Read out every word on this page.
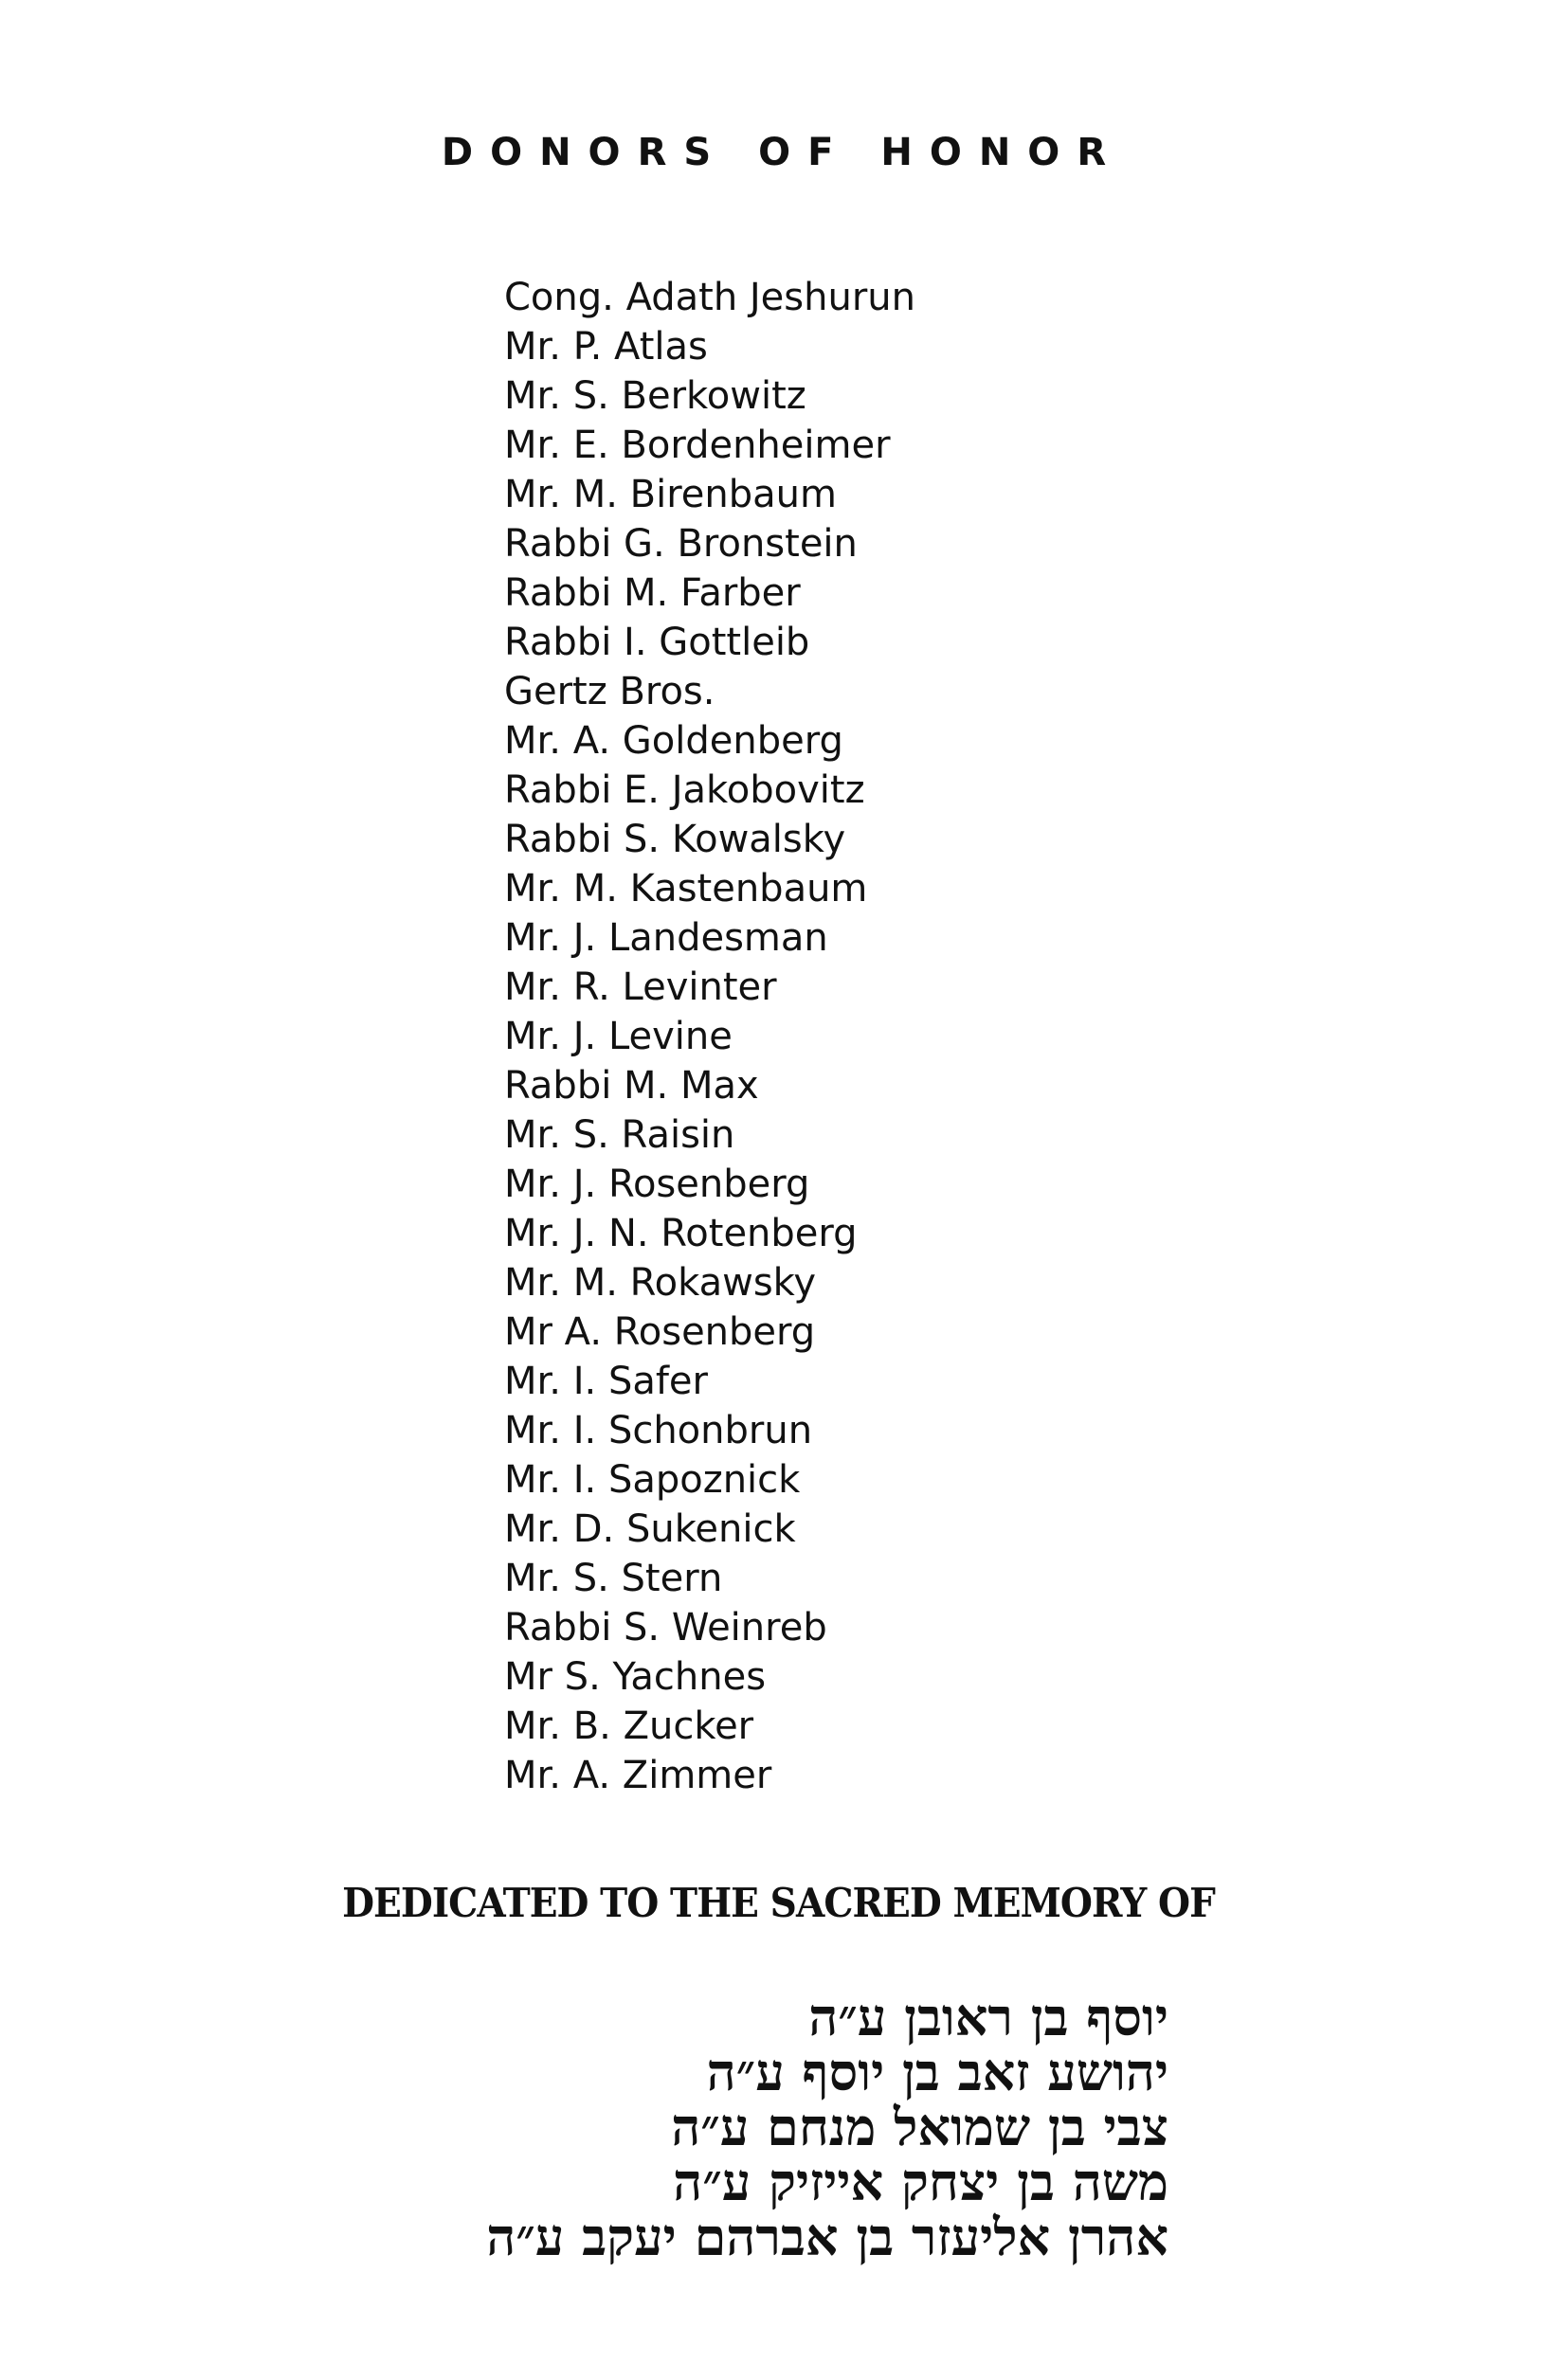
DONORS OF HONOR
Cong. Adath Jeshurun
Mr. P. Atlas
Mr. S. Berkowitz
Mr. E. Bordenheimer
Mr. M. Birenbaum
Rabbi G. Bronstein
Rabbi M. Farber
Rabbi I. Gottleib
Gertz Bros.
Mr. A. Goldenberg
Rabbi E. Jakobovitz
Rabbi S. Kowalsky
Mr. M. Kastenbaum
Mr. J. Landesman
Mr. R. Levinter
Mr. J. Levine
Rabbi M. Max
Mr. S. Raisin
Mr. J. Rosenberg
Mr. J. N. Rotenberg
Mr. M. Rokawsky
Mr A. Rosenberg
Mr. I. Safer
Mr. I. Schonbrun
Mr. I. Sapoznick
Mr. D. Sukenick
Mr. S. Stern
Rabbi S. Weinreb
Mr S. Yachnes
Mr. B. Zucker
Mr. A. Zimmer
DEDICATED TO THE SACRED MEMORY OF
יוסף בן ראובן ע״ה
יהושע זאב בן יוסף ע״ה
צבי בן שמואל מנחם ע״ה
משה בן יצחק אייזיק ע״ה
אהרן אליעזר בן אברהם יעקב ע״ה
